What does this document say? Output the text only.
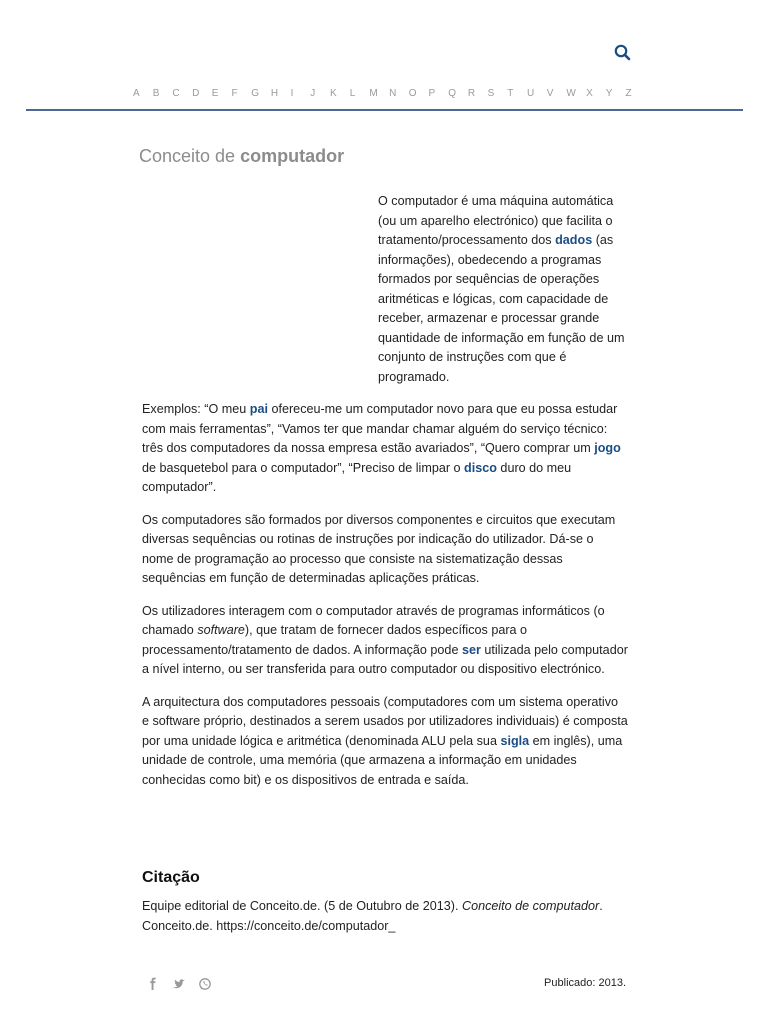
A B C D E F G H I J K L M N O P Q R S T U V W X Y Z
Conceito de computador

O computador é uma máquina automática (ou um aparelho electrónico) que facilita o tratamento/processamento dos dados (as informações), obedecendo a programas formados por sequências de operações aritméticas e lógicas, com capacidade de receber, armazenar e processar grande quantidade de informação em função de um conjunto de instruções com que é programado.

Exemplos: “O meu pai ofereceu-me um computador novo para que eu possa estudar com mais ferramentas”, “Vamos ter que mandar chamar alguém do serviço técnico: três dos computadores da nossa empresa estão avariados”, “Quero comprar um jogo de basquetebol para o computador”, “Preciso de limpar o disco duro do meu computador”.

Os computadores são formados por diversos componentes e circuitos que executam diversas sequências ou rotinas de instruções por indicação do utilizador. Dá-se o nome de programação ao processo que consiste na sistematização dessas sequências em função de determinadas aplicações práticas.

Os utilizadores interagem com o computador através de programas informáticos (o chamado software), que tratam de fornecer dados específicos para o processamento/tratamento de dados. A informação pode ser utilizada pelo computador a nível interno, ou ser transferida para outro computador ou dispositivo electrónico.

A arquitectura dos computadores pessoais (computadores com um sistema operativo e software próprio, destinados a serem usados por utilizadores individuais) é composta por uma unidade lógica e aritmética (denominada ALU pela sua sigla em inglês), uma unidade de controle, uma memória (que armazena a informação em unidades conhecidas como bit) e os dispositivos de entrada e saída.

Citação

Equipe editorial de Conceito.de. (5 de Outubro de 2013). Conceito de computador. Conceito.de. https://conceito.de/computador_

Publicado: 2013.
